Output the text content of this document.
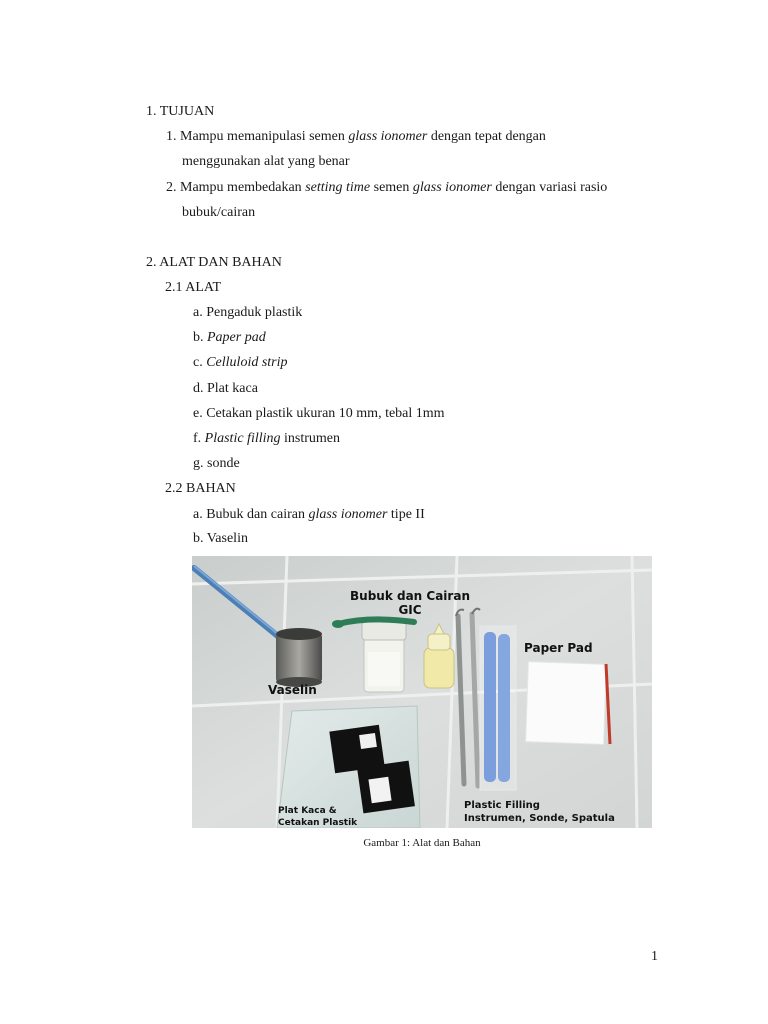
1. TUJUAN
1. Mampu memanipulasi semen glass ionomer dengan tepat dengan
menggunakan alat yang benar
2. Mampu membedakan setting time semen glass ionomer dengan variasi rasio
bubuk/cairan
2. ALAT DAN BAHAN
2.1 ALAT
a. Pengaduk plastik
b. Paper pad
c. Celluloid strip
d. Plat kaca
e. Cetakan plastik ukuran 10 mm, tebal 1mm
f. Plastic filling instrumen
g. sonde
2.2 BAHAN
a. Bubuk dan cairan glass ionomer tipe II
b. Vaselin
Bubuk dan Cairan
GIC
Paper Pad
Vaselin
Plat Kaca &
Cetakan Plastik
Plastic Filling
Instrumen, Sonde, Spatula
Gambar 1: Alat dan Bahan
1
